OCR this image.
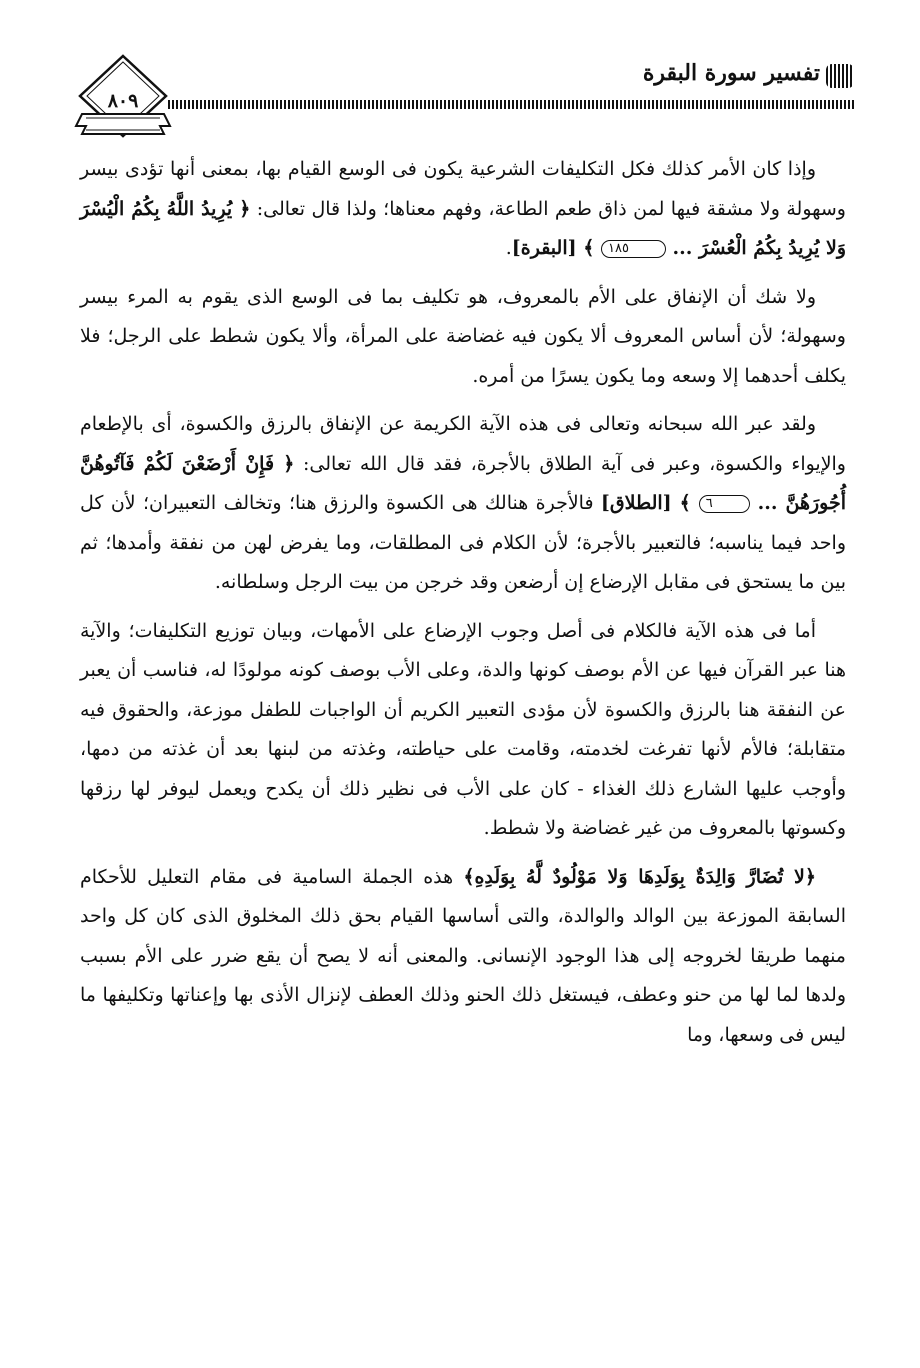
٨٠٩
تفسير سورة البقرة

وإذا كان الأمر كذلك فكل التكليفات الشرعية يكون فى الوسع القيام بها، بمعنى أنها تؤدى بيسر وسهولة ولا مشقة فيها لمن ذاق طعم الطاعة، وفهم معناها؛ ولذا قال تعالى: ﴿ يُرِيدُ اللَّهُ بِكُمُ الْيُسْرَ وَلا يُرِيدُ بِكُمُ الْعُسْرَ ... ١٨٥ ﴾ [البقرة].

ولا شك أن الإنفاق على الأم بالمعروف، هو تكليف بما فى الوسع الذى يقوم به المرء بيسر وسهولة؛ لأن أساس المعروف ألا يكون فيه غضاضة على المرأة، وألا يكون شطط على الرجل؛ فلا يكلف أحدهما إلا وسعه وما يكون يسرًا من أمره.

ولقد عبر الله سبحانه وتعالى فى هذه الآية الكريمة عن الإنفاق بالرزق والكسوة، أى بالإطعام والإيواء والكسوة، وعبر فى آية الطلاق بالأجرة، فقد قال الله تعالى: ﴿ فَإِنْ أَرْضَعْنَ لَكُمْ فَآتُوهُنَّ أُجُورَهُنَّ ... ٦ ﴾ [الطلاق] فالأجرة هنالك هى الكسوة والرزق هنا؛ وتخالف التعبيران؛ لأن كل واحد فيما يناسبه؛ فالتعبير بالأجرة؛ لأن الكلام فى المطلقات، وما يفرض لهن من نفقة وأمدها؛ ثم بين ما يستحق فى مقابل الإرضاع إن أرضعن وقد خرجن من بيت الرجل وسلطانه.

أما فى هذه الآية فالكلام فى أصل وجوب الإرضاع على الأمهات، وبيان توزيع التكليفات؛ والآية هنا عبر القرآن فيها عن الأم بوصف كونها والدة، وعلى الأب بوصف كونه مولودًا له، فناسب أن يعبر عن النفقة هنا بالرزق والكسوة لأن مؤدى التعبير الكريم أن الواجبات للطفل موزعة، والحقوق فيه متقابلة؛ فالأم لأنها تفرغت لخدمته، وقامت على حياطته، وغذته من لبنها بعد أن غذته من دمها، وأوجب عليها الشارع ذلك الغذاء - كان على الأب فى نظير ذلك أن يكدح ويعمل ليوفر لها رزقها وكسوتها بالمعروف من غير غضاضة ولا شطط.

﴿لا تُضَارَّ وَالِدَةٌ بِوَلَدِهَا وَلا مَوْلُودٌ لَّهُ بِوَلَدِهِ﴾ هذه الجملة السامية فى مقام التعليل للأحكام السابقة الموزعة بين الوالد والوالدة، والتى أساسها القيام بحق ذلك المخلوق الذى كان كل واحد منهما طريقا لخروجه إلى هذا الوجود الإنسانى. والمعنى أنه لا يصح أن يقع ضرر على الأم بسبب ولدها لما لها من حنو وعطف، فيستغل ذلك الحنو وذلك العطف لإنزال الأذى بها وإعناتها وتكليفها ما ليس فى وسعها، وما
